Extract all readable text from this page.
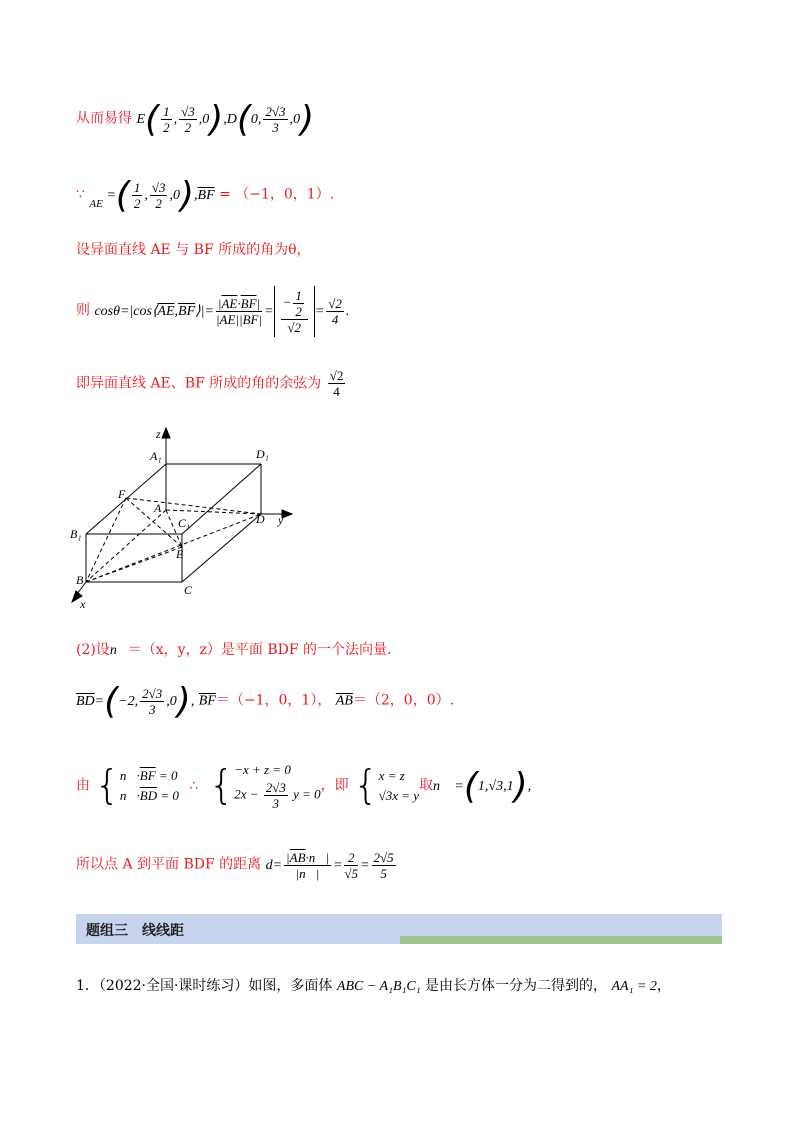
从而易得 $E( \frac{1}{2}$ , $\frac{√3}{2} ,0),D(0$, $\frac{2√3}{3} ,0$)
∵ $_{AE}$ =( $\frac{1}{2}$ , $\frac{√3}{2} ,0),\overline{BF} = (-1$，0，1）.
设异面直线 AE 与 BF 所成的角为θ，
则 $\cos\theta=|\cos⟨\overline{AE},\overline{BF}⟩|= \frac{|\overline{AE}\cdot\overline{BF}|}{|\overline{AE}||\overline{BF}|} = \frac{- \frac{1}{2}}{√2} = \frac{√2}{4}$ .
即异面直线 AE、BF 所成的角的余弦为 $\frac{√2}{4}$
z
y
x
A₁	D₁
F
A
C₁	D
B₁
E
B
C
(2)设n⃗＝（x，y，z）是平面 BDF 的一个法向量.
$\overline{BD}=(-2$, $\frac{2√3}{3} ,0$), $\overline{BF}=(-1$，0，1）， $\overline{AB}=(2$，0，0）.
由 {$n⃗\cdot\overline{BF} = 0$
$n⃗\cdot\overline{BD} = 0$ ∴ {−x + z = 0
$2x - \frac{2√3}{3}$ y = 0，即 {x = z
√3x = y取n⃗ =(1,√3,1),
所以点 A 到平面 BDF 的距离 $d= \frac{|\overline{AB}\cdot n⃗|}{|n⃗|} = \frac{2}{√5} = \frac{2√5}{5}$
题组三　线线距
1．（2022·全国·课时练习）如图，多面体 ABC − A₁B₁C₁ 是由长方体一分为二得到的， AA₁ = 2，
